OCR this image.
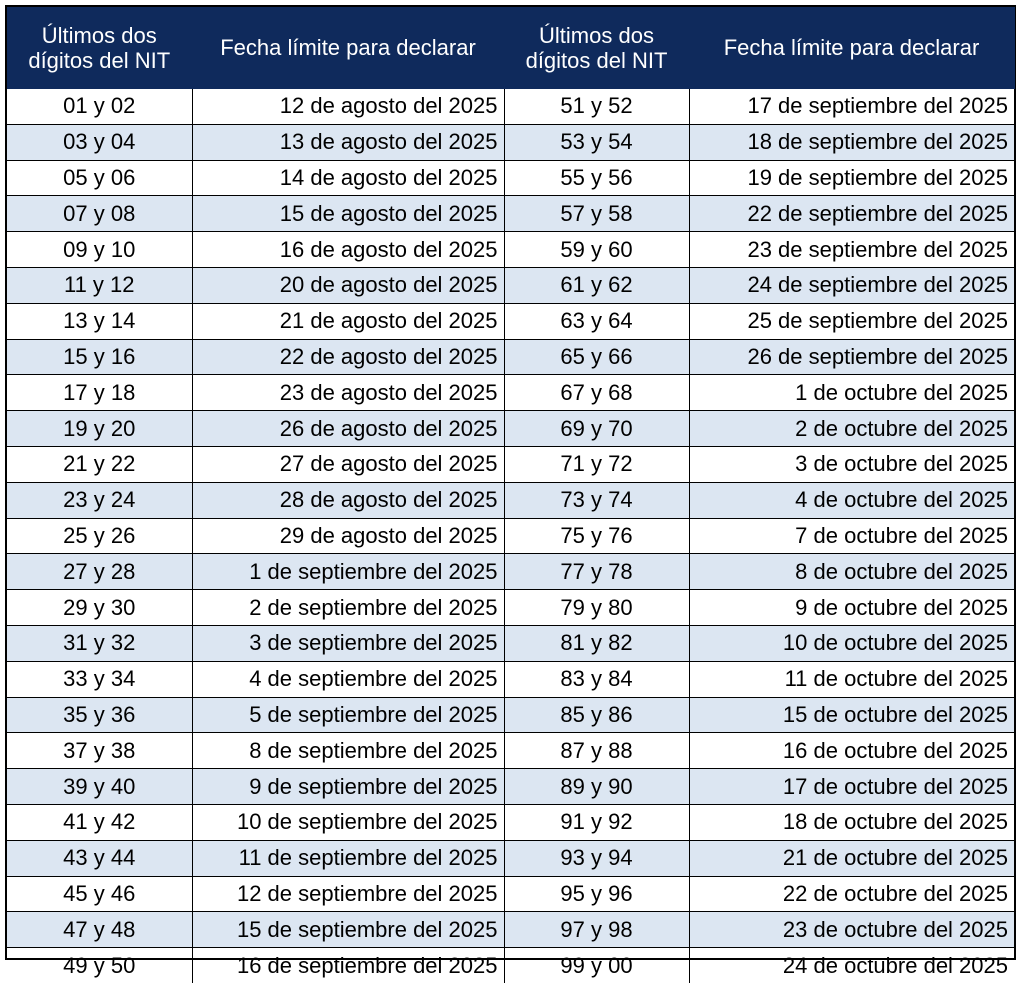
Últimos dos dígitos del NIT	Fecha límite para declarar	Últimos dos dígitos del NIT	Fecha límite para declarar
01 y 02	12 de agosto del 2025	51 y 52	17 de septiembre del 2025
03 y 04	13 de agosto del 2025	53 y 54	18 de septiembre del 2025
05 y 06	14 de agosto del 2025	55 y 56	19 de septiembre del 2025
07 y 08	15 de agosto del 2025	57 y 58	22 de septiembre del 2025
09 y 10	16 de agosto del 2025	59 y 60	23 de septiembre del 2025
11 y 12	20 de agosto del 2025	61 y 62	24 de septiembre del 2025
13 y 14	21 de agosto del 2025	63 y 64	25 de septiembre del 2025
15 y 16	22 de agosto del 2025	65 y 66	26 de septiembre del 2025
17 y 18	23 de agosto del 2025	67 y 68	1 de octubre del 2025
19 y 20	26 de agosto del 2025	69 y 70	2 de octubre del 2025
21 y 22	27 de agosto del 2025	71 y 72	3 de octubre del 2025
23 y 24	28 de agosto del 2025	73 y 74	4 de octubre del 2025
25 y 26	29 de agosto del 2025	75 y 76	7 de octubre del 2025
27 y 28	1 de septiembre del 2025	77 y 78	8 de octubre del 2025
29 y 30	2 de septiembre del 2025	79 y 80	9 de octubre del 2025
31 y 32	3 de septiembre del 2025	81 y 82	10 de octubre del 2025
33 y 34	4 de septiembre del 2025	83 y 84	11 de octubre del 2025
35 y 36	5 de septiembre del 2025	85 y 86	15 de octubre del 2025
37 y 38	8 de septiembre del 2025	87 y 88	16 de octubre del 2025
39 y 40	9 de septiembre del 2025	89 y 90	17 de octubre del 2025
41 y 42	10 de septiembre del 2025	91 y 92	18 de octubre del 2025
43 y 44	11 de septiembre del 2025	93 y 94	21 de octubre del 2025
45 y 46	12 de septiembre del 2025	95 y 96	22 de octubre del 2025
47 y 48	15 de septiembre del 2025	97 y 98	23 de octubre del 2025
49 y 50	16 de septiembre del 2025	99 y 00	24 de octubre del 2025
